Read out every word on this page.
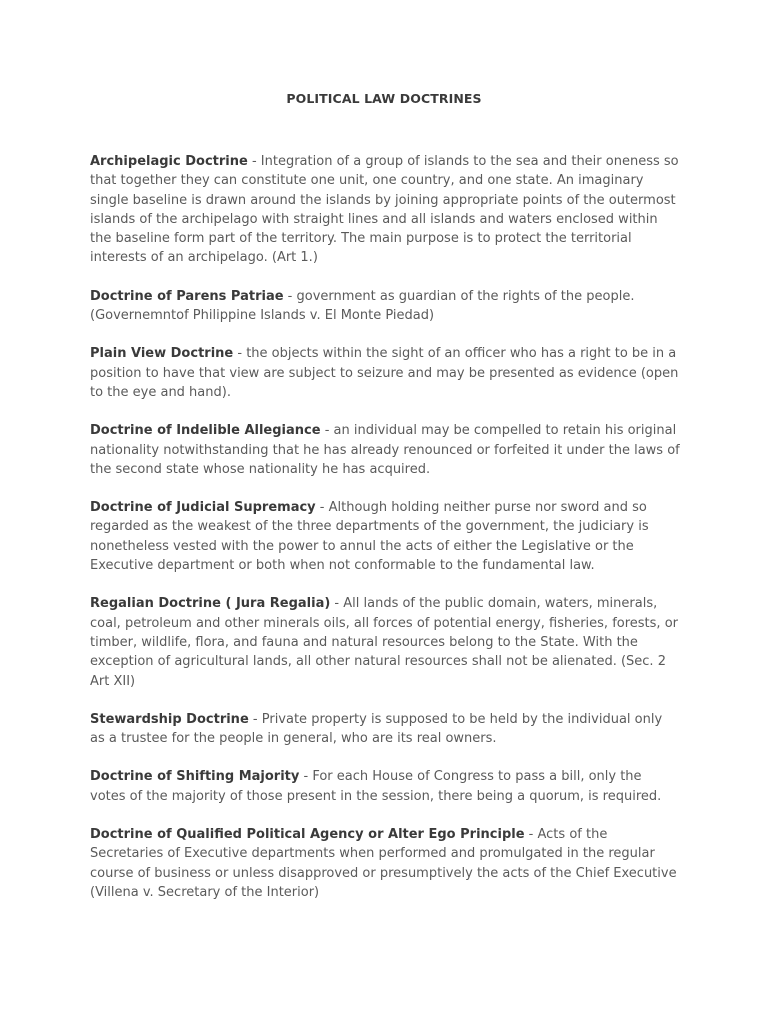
POLITICAL LAW DOCTRINES

Archipelagic Doctrine - Integration of a group of islands to the sea and their oneness so that together they can constitute one unit, one country, and one state. An imaginary single baseline is drawn around the islands by joining appropriate points of the outermost islands of the archipelago with straight lines and all islands and waters enclosed within the baseline form part of the territory. The main purpose is to protect the territorial interests of an archipelago. (Art 1.)

Doctrine of Parens Patriae - government as guardian of the rights of the people. (Governemntof Philippine Islands v. El Monte Piedad)

Plain View Doctrine - the objects within the sight of an officer who has a right to be in a position to have that view are subject to seizure and may be presented as evidence (open to the eye and hand).

Doctrine of Indelible Allegiance - an individual may be compelled to retain his original nationality notwithstanding that he has already renounced or forfeited it under the laws of the second state whose nationality he has acquired.

Doctrine of Judicial Supremacy - Although holding neither purse nor sword and so regarded as the weakest of the three departments of the government, the judiciary is nonetheless vested with the power to annul the acts of either the Legislative or the Executive department or both when not conformable to the fundamental law.

Regalian Doctrine ( Jura Regalia) - All lands of the public domain, waters, minerals, coal, petroleum and other minerals oils, all forces of potential energy, fisheries, forests, or timber, wildlife, flora, and fauna and natural resources belong to the State. With the exception of agricultural lands, all other natural resources shall not be alienated. (Sec. 2 Art XII)

Stewardship Doctrine - Private property is supposed to be held by the individual only as a trustee for the people in general, who are its real owners.

Doctrine of Shifting Majority - For each House of Congress to pass a bill, only the votes of the majority of those present in the session, there being a quorum, is required.

Doctrine of Qualified Political Agency or Alter Ego Principle - Acts of the Secretaries of Executive departments when performed and promulgated in the regular course of business or unless disapproved or presumptively the acts of the Chief Executive (Villena v. Secretary of the Interior)
